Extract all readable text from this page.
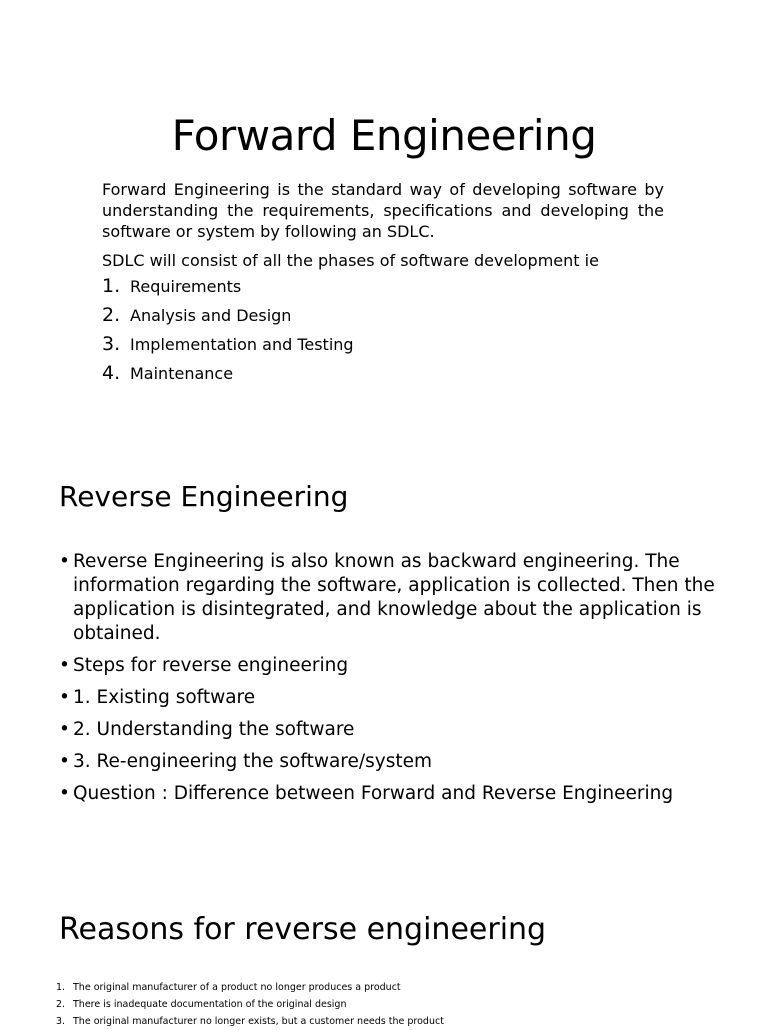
Forward Engineering

Forward Engineering is the standard way of developing software by understanding the requirements, specifications and developing the software or system by following an SDLC.

SDLC will consist of all the phases of software development ie

1. Requirements
2. Analysis and Design
3. Implementation and Testing
4. Maintenance
Reverse Engineering
• Reverse Engineering is also known as backward engineering. The information regarding the software, application is collected. Then the application is disintegrated, and knowledge about the application is obtained.
• Steps for reverse engineering
• 1. Existing software
• 2. Understanding the software
• 3. Re-engineering the software/system
• Question : Difference between Forward and Reverse Engineering
Reasons for reverse engineering
1. The original manufacturer of a product no longer produces a product
2. There is inadequate documentation of the original design
3. The original manufacturer no longer exists, but a customer needs the product
